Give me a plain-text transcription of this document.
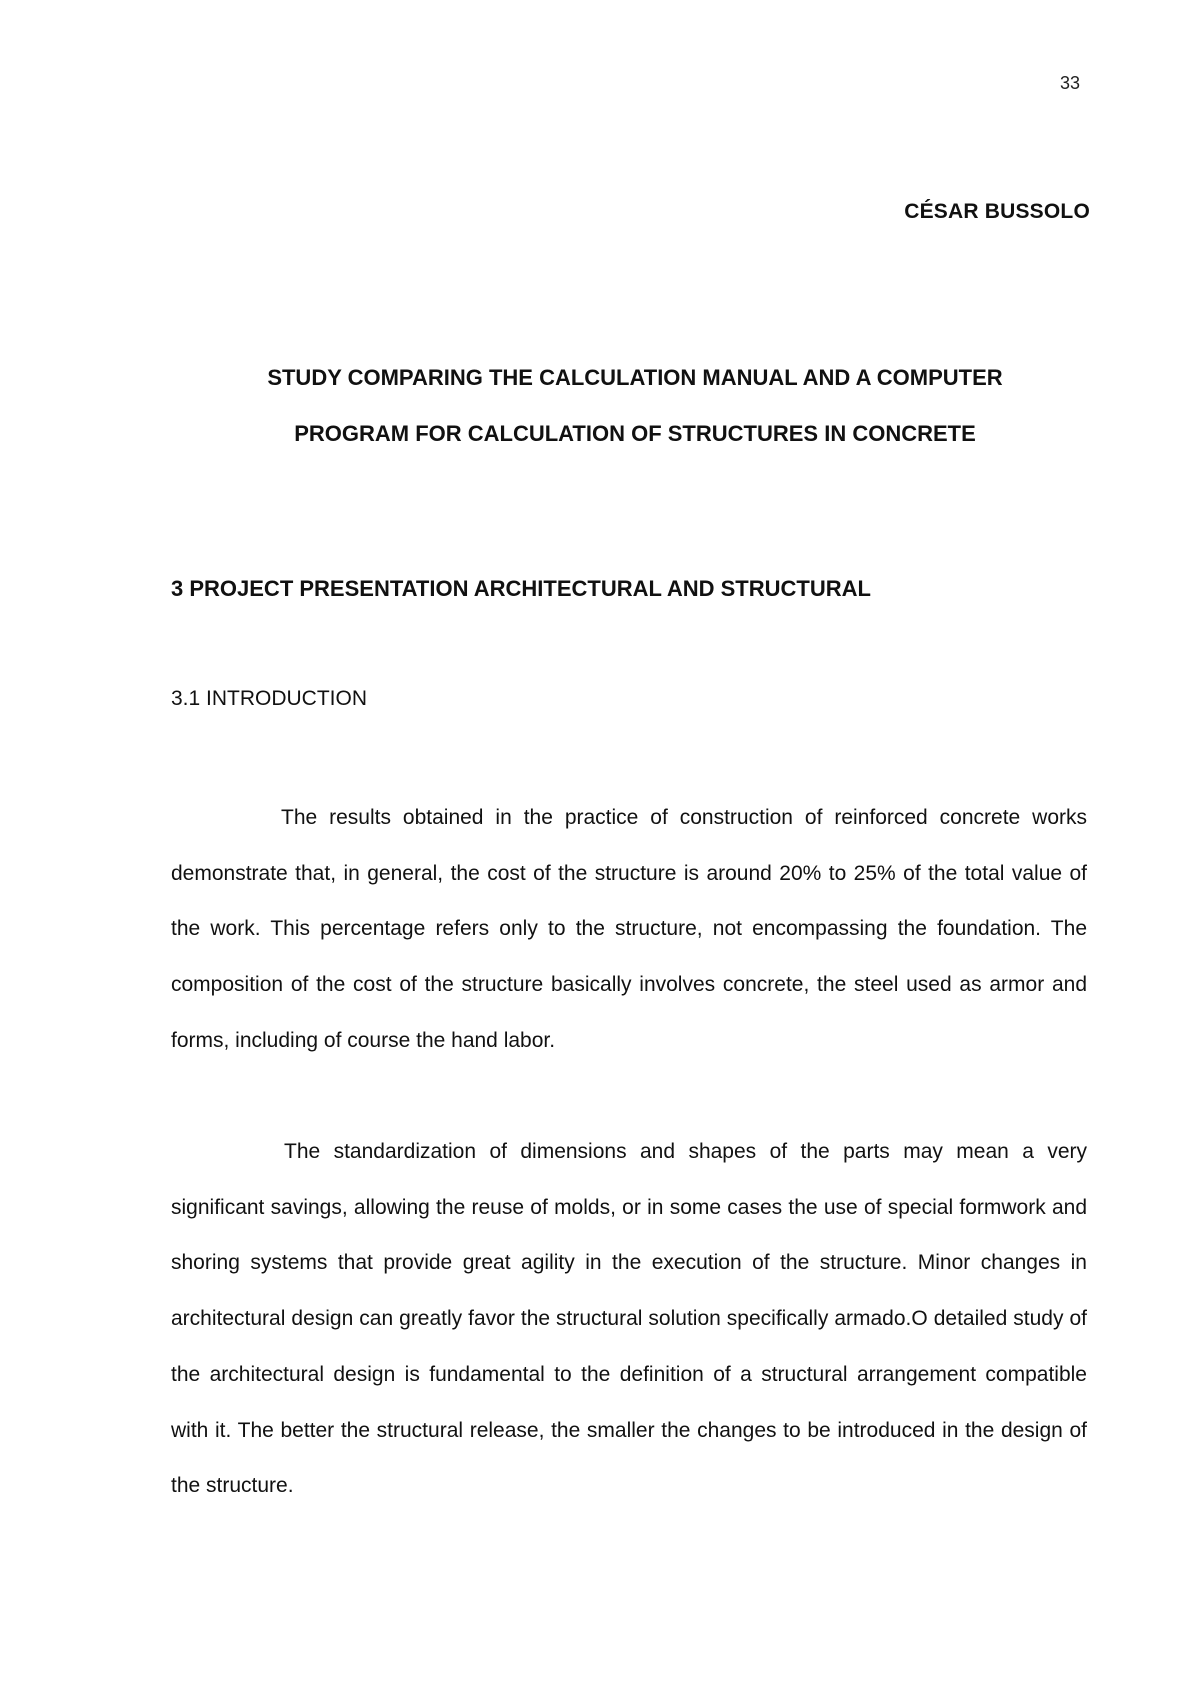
33
CÉSAR BUSSOLO
STUDY COMPARING THE CALCULATION MANUAL AND A COMPUTER
PROGRAM FOR CALCULATION OF STRUCTURES IN CONCRETE
3 PROJECT PRESENTATION ARCHITECTURAL AND STRUCTURAL
3.1 INTRODUCTION

The results obtained in the practice of construction of reinforced concrete works demonstrate that, in general, the cost of the structure is around 20% to 25% of the total value of the work. This percentage refers only to the structure, not encompassing the foundation. The composition of the cost of the structure basically involves concrete, the steel used as armor and forms, including of course the hand labor.

The standardization of dimensions and shapes of the parts may mean a very significant savings, allowing the reuse of molds, or in some cases the use of special formwork and shoring systems that provide great agility in the execution of the structure. Minor changes in architectural design can greatly favor the structural solution specifically armado.O detailed study of the architectural design is fundamental to the definition of a structural arrangement compatible with it. The better the structural release, the smaller the changes to be introduced in the design of the structure.
